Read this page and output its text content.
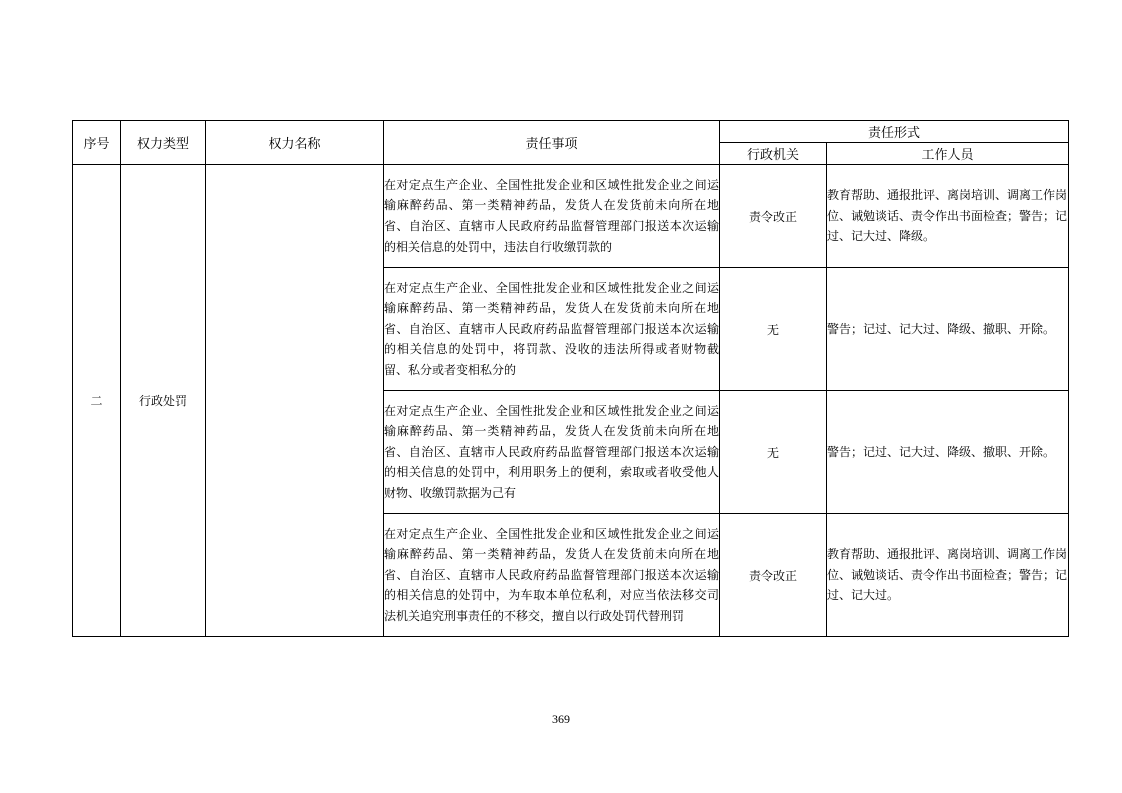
序号	权力类型	权力名称	责任事项	责任形式	
				行政机关	工作人员
二	行政处罚		在对定点生产企业、全国性批发企业和区域性批发企业之间运输麻醉药品、第一类精神药品，发货人在发货前未向所在地省、自治区、直辖市人民政府药品监督管理部门报送本次运输的相关信息的处罚中，违法自行收缴罚款的	责令改正	教育帮助、通报批评、离岗培训、调离工作岗位、诫勉谈话、责令作出书面检查；警告；记过、记大过、降级。
			在对定点生产企业、全国性批发企业和区域性批发企业之间运输麻醉药品、第一类精神药品，发货人在发货前未向所在地省、自治区、直辖市人民政府药品监督管理部门报送本次运输的相关信息的处罚中，将罚款、没收的违法所得或者财物截留、私分或者变相私分的	无	警告；记过、记大过、降级、撤职、开除。
			在对定点生产企业、全国性批发企业和区域性批发企业之间运输麻醉药品、第一类精神药品，发货人在发货前未向所在地省、自治区、直辖市人民政府药品监督管理部门报送本次运输的相关信息的处罚中，利用职务上的便利，索取或者收受他人财物、收缴罚款据为己有	无	警告；记过、记大过、降级、撤职、开除。
			在对定点生产企业、全国性批发企业和区域性批发企业之间运输麻醉药品、第一类精神药品，发货人在发货前未向所在地省、自治区、直辖市人民政府药品监督管理部门报送本次运输的相关信息的处罚中，为车取本单位私利，对应当依法移交司法机关追究刑事责任的不移交，擅自以行政处罚代替刑罚	责令改正	教育帮助、通报批评、离岗培训、调离工作岗位、诫勉谈话、责令作出书面检查；警告；记过、记大过。
369
